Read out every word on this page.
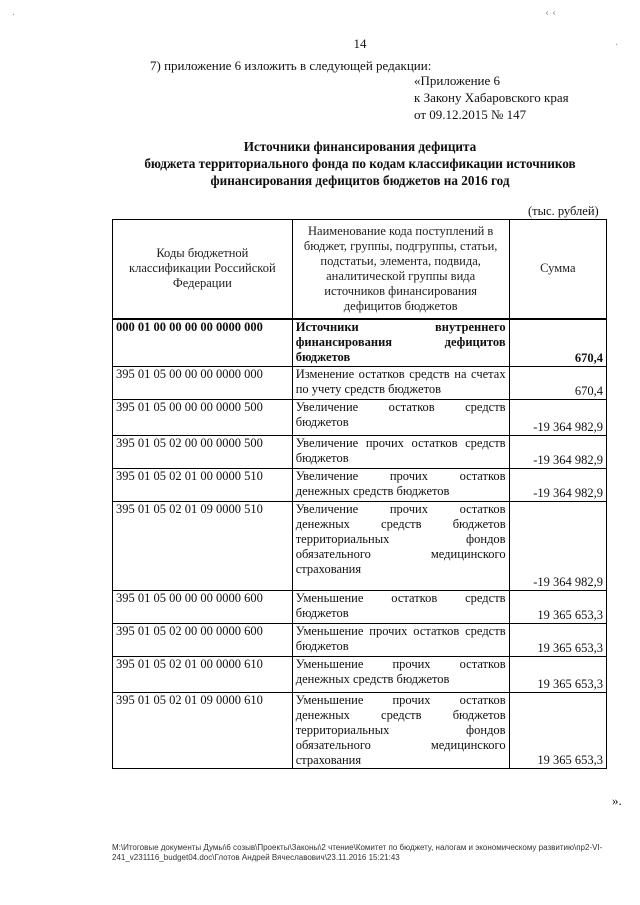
·	‹ ‹
·
14
7) приложение 6 изложить в следующей редакции:
«Приложение 6
к Закону Хабаровского края
от 09.12.2015 № 147
Источники финансирования дефицита
бюджета территориального фонда по кодам классификации источников
финансирования дефицитов бюджетов на 2016 год
(тыс. рублей)
Коды бюджетной классификации Российской Федерации	Наименование кода поступлений в бюджет, группы, подгруппы, статьи, подстатьи, элемента, подвида, аналитической группы вида источников финансирования дефицитов бюджетов	Сумма
000 01 00 00 00 00 0000 000	Источники внутреннего финансирования дефицитов бюджетов	670,4
395 01 05 00 00 00 0000 000	Изменение остатков средств на счетах по учету средств бюджетов	670,4
395 01 05 00 00 00 0000 500	Увеличение остатков средств бюджетов	-19 364 982,9
395 01 05 02 00 00 0000 500	Увеличение прочих остатков средств бюджетов	-19 364 982,9
395 01 05 02 01 00 0000 510	Увеличение прочих остатков денежных средств бюджетов	-19 364 982,9
395 01 05 02 01 09 0000 510	Увеличение прочих остатков денежных средств бюджетов территориальных фондов обязательного медицинского страхования	-19 364 982,9
395 01 05 00 00 00 0000 600	Уменьшение остатков средств бюджетов	19 365 653,3
395 01 05 02 00 00 0000 600	Уменьшение прочих остатков средств бюджетов	19 365 653,3
395 01 05 02 01 00 0000 610	Уменьшение прочих остатков денежных средств бюджетов	19 365 653,3
395 01 05 02 01 09 0000 610	Уменьшение прочих остатков денежных средств бюджетов территориальных фондов обязательного медицинского страхования	19 365 653,3
».
М:\Итоговые документы Думы\6 созыв\Проекты\Законы\2 чтение\Комитет по бюджету, налогам и экономическому развитию\пр2-VI-241_v231116_budget04.doc\Глотов Андрей Вячеславович\23.11.2016 15:21:43
